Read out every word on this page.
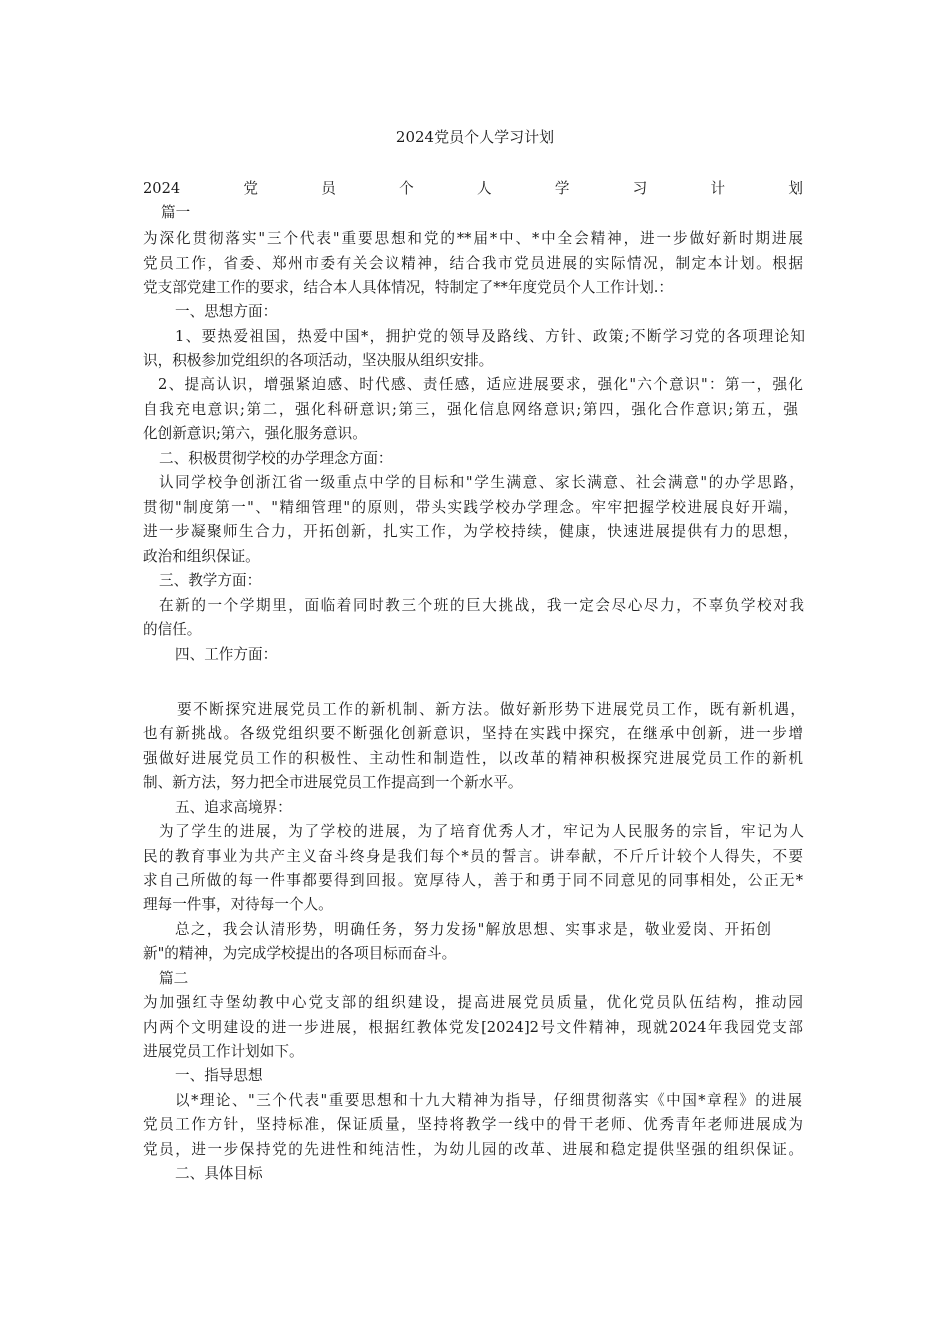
2024党员个人学习计划
2024党员个人学习计划
篇一
为深化贯彻落实"三个代表"重要思想和党的**届*中、*中全会精神，进一步做好新时期进展
党员工作，省委、郑州市委有关会议精神，结合我市党员进展的实际情况，制定本计划。根据
党支部党建工作的要求，结合本人具体情况，特制定了**年度党员个人工作计划.：
一、思想方面：
1、要热爱祖国，热爱中国*，拥护党的领导及路线、方针、政策;不断学习党的各项理论知
识，积极参加党组织的各项活动，坚决服从组织安排。
2、提高认识，增强紧迫感、时代感、责任感，适应进展要求，强化"六个意识"：第一，强化
自我充电意识;第二，强化科研意识;第三，强化信息网络意识;第四，强化合作意识;第五，强
化创新意识;第六，强化服务意识。
二、积极贯彻学校的办学理念方面：
认同学校争创浙江省一级重点中学的目标和"学生满意、家长满意、社会满意"的办学思路，
贯彻"制度第一"、"精细管理"的原则，带头实践学校办学理念。牢牢把握学校进展良好开端，
进一步凝聚师生合力，开拓创新，扎实工作，为学校持续，健康，快速进展提供有力的思想，
政治和组织保证。
三、教学方面：
在新的一个学期里，面临着同时教三个班的巨大挑战，我一定会尽心尽力，不辜负学校对我
的信任。
四、工作方面：
要不断探究进展党员工作的新机制、新方法。做好新形势下进展党员工作，既有新机遇，
也有新挑战。各级党组织要不断强化创新意识，坚持在实践中探究，在继承中创新，进一步增
强做好进展党员工作的积极性、主动性和制造性，以改革的精神积极探究进展党员工作的新机
制、新方法，努力把全市进展党员工作提高到一个新水平。
五、追求高境界：
为了学生的进展，为了学校的进展，为了培育优秀人才，牢记为人民服务的宗旨，牢记为人
民的教育事业为共产主义奋斗终身是我们每个*员的誓言。讲奉献，不斤斤计较个人得失，不要
求自己所做的每一件事都要得到回报。宽厚待人，善于和勇于同不同意见的同事相处，公正无*
理每一件事，对待每一个人。
总之，我会认清形势，明确任务，努力发扬"解放思想、实事求是，敬业爱岗、开拓创
新"的精神，为完成学校提出的各项目标而奋斗。
篇二
为加强红寺堡幼教中心党支部的组织建设，提高进展党员质量，优化党员队伍结构，推动园
内两个文明建设的进一步进展，根据红教体党发[2024]2号文件精神，现就2024年我园党支部
进展党员工作计划如下。
一、指导思想
以*理论、"三个代表"重要思想和十九大精神为指导，仔细贯彻落实《中国*章程》的进展
党员工作方针，坚持标准，保证质量，坚持将教学一线中的骨干老师、优秀青年老师进展成为
党员，进一步保持党的先进性和纯洁性，为幼儿园的改革、进展和稳定提供坚强的组织保证。
二、具体目标
